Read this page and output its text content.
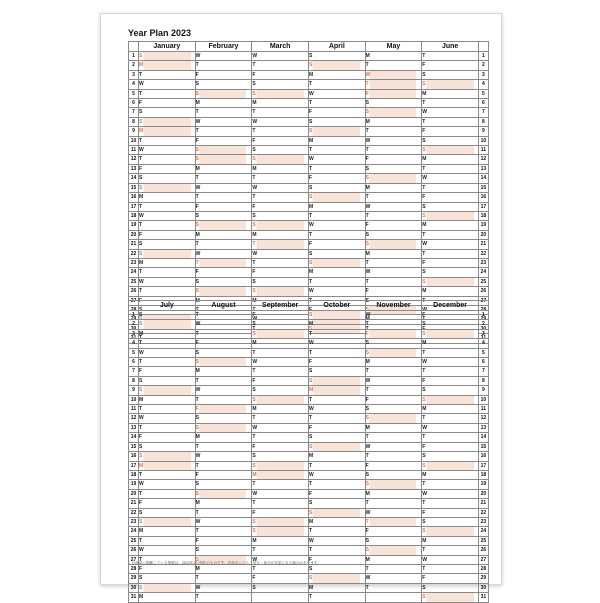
Year Plan 2023
	January	February	March	April	May	June	
1	S	W	W	S	M	T	1
2	M	T	T	S	T	F	2
3	T	F	F	M	W	S	3
4	W	S	S	T	T	S	4
5	T	S	S	W	F	M	5
6	F	M	M	T	S	T	6
7	S	T	T	F	S	W	7
8	S	W	W	S	M	T	8
9	M	T	T	S	T	F	9
10	T	F	F	M	W	S	10
11	W	S	S	T	T	S	11
12	T	S	S	W	F	M	12
13	F	M	M	T	S	T	13
14	S	T	T	F	S	W	14
15	S	W	W	S	M	T	15
16	M	T	T	S	T	F	16
17	T	F	F	M	W	S	17
18	W	S	S	T	T	S	18
19	T	S	S	W	F	M	19
20	F	M	M	T	S	T	20
21	S	T	T	F	S	W	21
22	S	W	W	S	M	T	22
23	M	T	T	S	T	F	23
24	T	F	F	M	W	S	24
25	W	S	S	T	T	S	25
26	T	S	S	W	F	M	26
27	F	M	M	T	S	T	27
28	S	T	T		S	W	28
29			W		M	T	29
30				S			30
31	T						31
	July	August	September	October	November	December	
1	S	T	F	S	W	F	1
2	S	W	S	M	T	S	2
3	M	T	S	T	F	S	3
4	T	F	M	W	S	M	4
5	W	S	T	T	S	T	5
6	T	S	W	F	M	W	6
7	F	M	T	S	T	T	7
8	S	T	F	S	W	F	8
9	S	W	S	M	T	S	9
10	M	T	S	T	F	S	10
11	T	F	M	W	S	M	11
12	W	S	T	T	S	T	12
13	T	S	W	F	M	W	13
14	F	M	T	S	T	T	14
15	S	T	F	S	W	F	15
16	S	W	S	M	T	S	16
17	M	T	S	T	F	S	17
18	T	F	M	W	S	M	18
19	W	S	T	T	S	T	19
20	T	S	W	F	M	W	20
21	F	M	T	S	T	T	21
22	S	T	F	S	W	F	22
23	S	W	S	M	T	S	23
24	M	T	S	T	F	S	24
25	T	F	M	W	S	M	25
26	W	S	T	T	S	T	26
27	T	S	W	F	M	W	27
28	F	M	T	S	T	T	28
29	S	T	F	S	W	F	29
30	S	W	S	M	T	S	30
31	M	T		T		S	31
この商品に掲載している情報は、2022年2月現在のものです。法改正により、祝日・休日が変更になる場合があります。
